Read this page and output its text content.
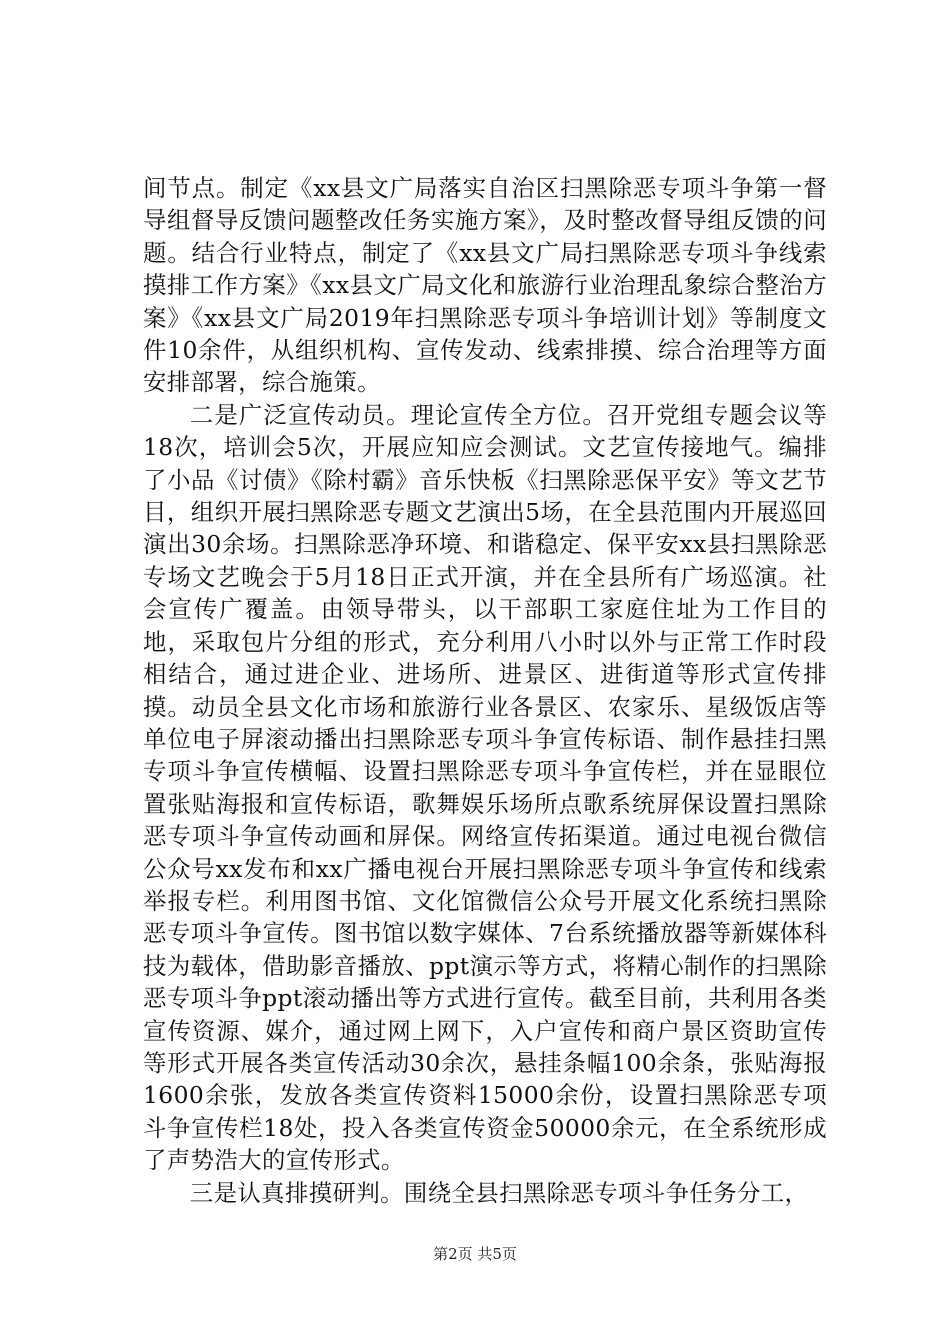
间节点。制定《xx县文广局落实自治区扫黑除恶专项斗争第一督导组督导反馈问题整改任务实施方案》，及时整改督导组反馈的问题。结合行业特点，制定了《xx县文广局扫黑除恶专项斗争线索摸排工作方案》《xx县文广局文化和旅游行业治理乱象综合整治方案》《xx县文广局2019年扫黑除恶专项斗争培训计划》等制度文件10余件，从组织机构、宣传发动、线索排摸、综合治理等方面安排部署，综合施策。

二是广泛宣传动员。理论宣传全方位。召开党组专题会议等18次，培训会5次，开展应知应会测试。文艺宣传接地气。编排了小品《讨债》《除村霸》音乐快板《扫黑除恶保平安》等文艺节目，组织开展扫黑除恶专题文艺演出5场，在全县范围内开展巡回演出30余场。扫黑除恶净环境、和谐稳定、保平安xx县扫黑除恶专场文艺晚会于5月18日正式开演，并在全县所有广场巡演。社会宣传广覆盖。由领导带头，以干部职工家庭住址为工作目的地，采取包片分组的形式，充分利用八小时以外与正常工作时段相结合，通过进企业、进场所、进景区、进街道等形式宣传排摸。动员全县文化市场和旅游行业各景区、农家乐、星级饭店等单位电子屏滚动播出扫黑除恶专项斗争宣传标语、制作悬挂扫黑专项斗争宣传横幅、设置扫黑除恶专项斗争宣传栏，并在显眼位置张贴海报和宣传标语，歌舞娱乐场所点歌系统屏保设置扫黑除恶专项斗争宣传动画和屏保。网络宣传拓渠道。通过电视台微信公众号xx发布和xx广播电视台开展扫黑除恶专项斗争宣传和线索举报专栏。利用图书馆、文化馆微信公众号开展文化系统扫黑除恶专项斗争宣传。图书馆以数字媒体、7台系统播放器等新媒体科技为载体，借助影音播放、ppt演示等方式，将精心制作的扫黑除恶专项斗争ppt滚动播出等方式进行宣传。截至目前，共利用各类宣传资源、媒介，通过网上网下，入户宣传和商户景区资助宣传等形式开展各类宣传活动30余次，悬挂条幅100余条，张贴海报1600余张，发放各类宣传资料15000余份，设置扫黑除恶专项斗争宣传栏18处，投入各类宣传资金50000余元，在全系统形成了声势浩大的宣传形式。

三是认真排摸研判。围绕全县扫黑除恶专项斗争任务分工，

第2页 共5页
